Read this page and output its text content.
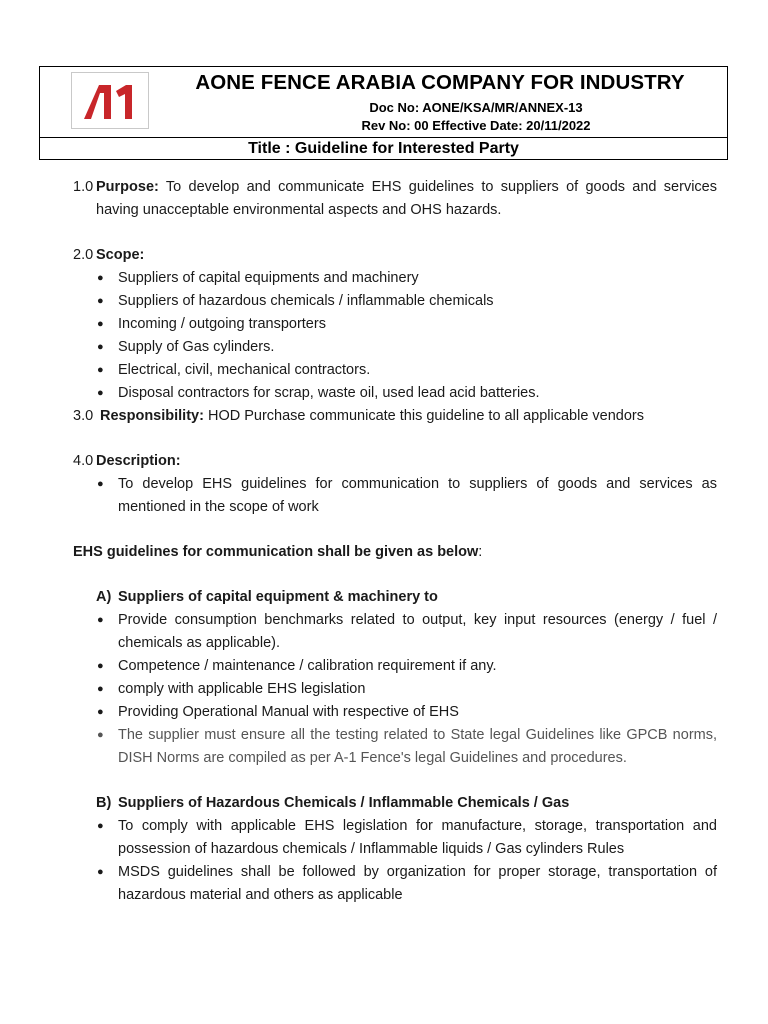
AONE FENCE ARABIA COMPANY FOR INDUSTRY
Doc No: AONE/KSA/MR/ANNEX-13
Rev No: 00 Effective Date: 20/11/2022
Title : Guideline for Interested Party
1.0 Purpose: To develop and communicate EHS guidelines to suppliers of goods and services having unacceptable environmental aspects and OHS hazards.

2.0 Scope:
● Suppliers of capital equipments and machinery
● Suppliers of hazardous chemicals / inflammable chemicals
● Incoming / outgoing transporters
● Supply of Gas cylinders.
● Electrical, civil, mechanical contractors.
● Disposal contractors for scrap, waste oil, used lead acid batteries.
3.0 Responsibility: HOD Purchase communicate this guideline to all applicable vendors

4.0 Description:
● To develop EHS guidelines for communication to suppliers of goods and services as mentioned in the scope of work

EHS guidelines for communication shall be given as below:

A) Suppliers of capital equipment & machinery to
● Provide consumption benchmarks related to output, key input resources (energy / fuel / chemicals as applicable).
● Competence / maintenance / calibration requirement if any.
● comply with applicable EHS legislation
● Providing Operational Manual with respective of EHS
● The supplier must ensure all the testing related to State legal Guidelines like GPCB norms, DISH Norms are compiled as per A-1 Fence's legal Guidelines and procedures.
B) Suppliers of Hazardous Chemicals / Inflammable Chemicals / Gas
● To comply with applicable EHS legislation for manufacture, storage, transportation and possession of hazardous chemicals / Inflammable liquids / Gas cylinders Rules
● MSDS guidelines shall be followed by organization for proper storage, transportation of hazardous material and others as applicable
